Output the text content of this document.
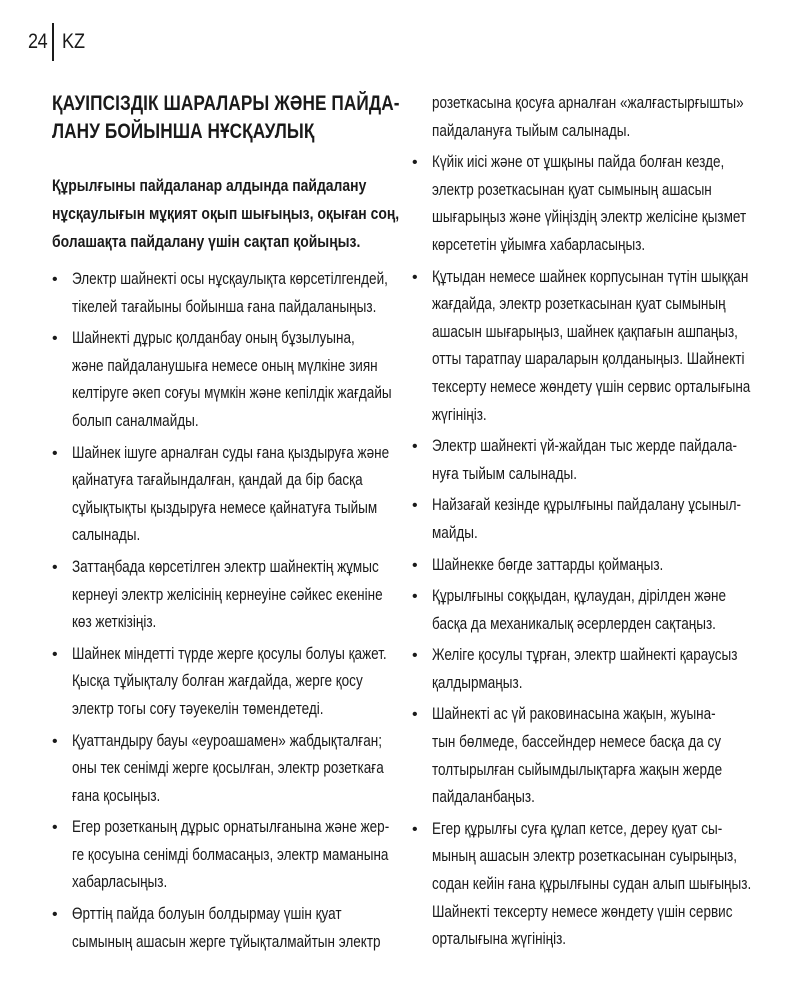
24 KZ
ҚАУІПСІЗДІК ШАРАЛАРЫ ЖӘНЕ ПАЙДА-
ЛАНУ БОЙЫНША НҰСҚАУЛЫҚ

Құрылғыны пайдаланар алдында пайдалану
нұсқаулығын мұқият оқып шығыңыз, оқыған соң,
болашақта пайдалану үшін сақтап қойыңыз.

• Электр шайнекті осы нұсқаулықта көрсетілгендей,
тікелей тағайыны бойынша ғана пайдаланыңыз.
• Шайнекті дұрыс қолданбау оның бұзылуына,
және пайдаланушыға немесе оның мүлкіне зиян
келтіруге әкеп соғуы мүмкін және кепілдік жағдайы
болып саналмайды.
• Шайнек ішуге арналған суды ғана қыздыруға және
қайнатуға тағайындалған, қандай да бір басқа
сұйықтықты қыздыруға немесе қайнатуға тыйым
салынады.
• Заттаңбада көрсетілген электр шайнектің жұмыс
кернеуі электр желісінің кернеуіне сәйкес екеніне
көз жеткізіңіз.
• Шайнек міндетті түрде жерге қосулы болуы қажет.
Қысқа тұйықталу болған жағдайда, жерге қосу
электр тогы соғу тәуекелін төмендетеді.
• Қуаттандыру бауы «еуроашамен» жабдықталған;
оны тек сенімді жерге қосылған, электр розеткаға
ғана қосыңыз.
• Егер розетканың дұрыс орнатылғанына және жер-
ге қосуына сенімді болмасаңыз, электр маманына
хабарласыңыз.
• Өрттің пайда болуын болдырмау үшін қуат
сымының ашасын жерге тұйықталмайтын электр
розеткасына қосуға арналған «жалғастырғышты»
пайдалануға тыйым салынады.
• Күйік иісі және от ұшқыны пайда болған кезде,
электр розеткасынан қуат сымының ашасын
шығарыңыз және үйіңіздің электр желісіне қызмет
көрсететін ұйымға хабарласыңыз.
• Құтыдан немесе шайнек корпусынан түтін шыққан
жағдайда, электр розеткасынан қуат сымының
ашасын шығарыңыз, шайнек қақпағын ашпаңыз,
отты таратпау шараларын қолданыңыз. Шайнекті
тексерту немесе жөндету үшін сервис орталығына
жүгініңіз.
• Электр шайнекті үй-жайдан тыс жерде пайдала-
нуға тыйым салынады.
• Найзағай кезінде құрылғыны пайдалану ұсыныл-
майды.
• Шайнекке бөгде заттарды қоймаңыз.
• Құрылғыны соққыдан, құлаудан, дірілден және
басқа да механикалық әсерлерден сақтаңыз.
• Желіге қосулы тұрған, электр шайнекті қараусыз
қалдырмаңыз.
• Шайнекті ас үй раковинасына жақын, жуына-
тын бөлмеде, бассейндер немесе басқа да су
толтырылған сыйымдылықтарға жақын жерде
пайдаланбаңыз.
• Егер құрылғы суға құлап кетсе, дереу қуат сы-
мының ашасын электр розеткасынан суырыңыз,
содан кейін ғана құрылғыны судан алып шығыңыз.
Шайнекті тексерту немесе жөндету үшін сервис
орталығына жүгініңіз.
